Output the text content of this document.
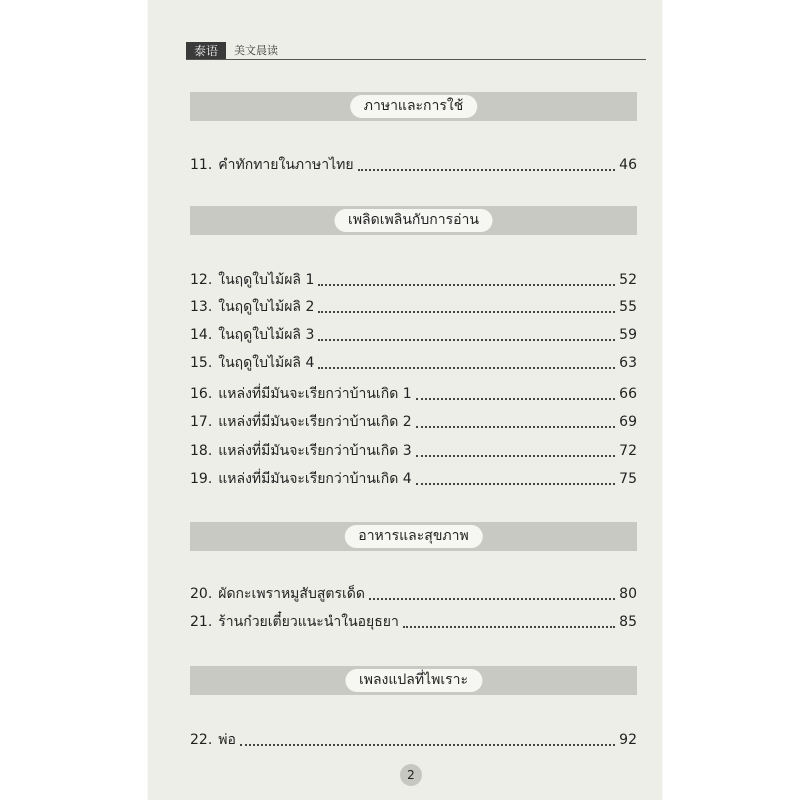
泰语	美文晨读
ภาษาและการใช้
11. คำทักทายในภาษาไทย	46
เพลิดเพลินกับการอ่าน
12. ในฤดูใบไม้ผลิ 1	52
13. ในฤดูใบไม้ผลิ 2	55
14. ในฤดูใบไม้ผลิ 3	59
15. ในฤดูใบไม้ผลิ 4	63
16. แหล่งที่มีมันจะเรียกว่าบ้านเกิด 1	66
17. แหล่งที่มีมันจะเรียกว่าบ้านเกิด 2	69
18. แหล่งที่มีมันจะเรียกว่าบ้านเกิด 3	72
19. แหล่งที่มีมันจะเรียกว่าบ้านเกิด 4	75
อาหารและสุขภาพ
20. ผัดกะเพราหมูสับสูตรเด็ด	80
21. ร้านก๋วยเตี๋ยวแนะนำในอยุธยา	85
เพลงแปลที่ไพเราะ
22. พ่อ	92
2
